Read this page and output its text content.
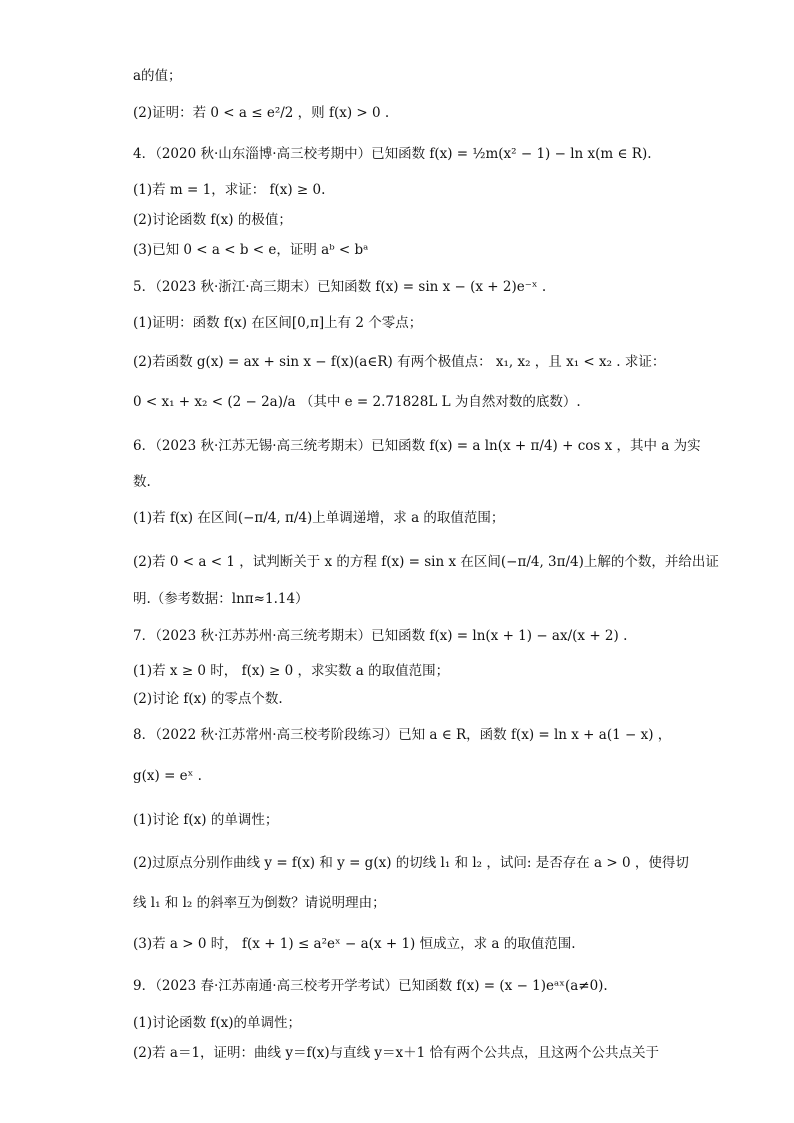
a的值；
(2)证明：若 0 < a ≤ e²/2 ，则 f(x) > 0 .
4．（2020 秋·山东淄博·高三校考期中）已知函数 f(x) = ½m(x² − 1) − ln x(m ∈ R).
(1)若 m = 1，求证： f(x) ≥ 0.
(2)讨论函数 f(x) 的极值；
(3)已知 0 < a < b < e，证明 aᵇ < bᵃ
5．（2023 秋·浙江·高三期末）已知函数 f(x) = sin x − (x + 2)e⁻ˣ .
(1)证明：函数 f(x) 在区间[0,π]上有 2 个零点；
(2)若函数 g(x) = ax + sin x − f(x)(a∈R) 有两个极值点： x₁, x₂ ，且 x₁ < x₂ . 求证：
0 < x₁ + x₂ < (2 − 2a)/a （其中 e = 2.71828L L 为自然对数的底数）.
6．（2023 秋·江苏无锡·高三统考期末）已知函数 f(x) = a ln(x + π/4) + cos x ，其中 a 为实
数.
(1)若 f(x) 在区间(−π/4, π/4)上单调递增，求 a 的取值范围；
(2)若 0 < a < 1 ，试判断关于 x 的方程 f(x) = sin x 在区间(−π/4, 3π/4)上解的个数，并给出证
明.（参考数据：lnπ≈1.14）
7．（2023 秋·江苏苏州·高三统考期末）已知函数 f(x) = ln(x + 1) − ax/(x + 2) .
(1)若 x ≥ 0 时， f(x) ≥ 0 ，求实数 a 的取值范围；
(2)讨论 f(x) 的零点个数.
8．（2022 秋·江苏常州·高三校考阶段练习）已知 a ∈ R，函数 f(x) = ln x + a(1 − x) ，
g(x) = eˣ .
(1)讨论 f(x) 的单调性；
(2)过原点分别作曲线 y = f(x) 和 y = g(x) 的切线 l₁ 和 l₂ ，试问: 是否存在 a > 0 ，使得切
线 l₁ 和 l₂ 的斜率互为倒数？请说明理由；
(3)若 a > 0 时， f(x + 1) ≤ a²eˣ − a(x + 1) 恒成立，求 a 的取值范围.
9．（2023 春·江苏南通·高三校考开学考试）已知函数 f(x) = (x − 1)eᵃˣ(a≠0).
(1)讨论函数 f(x)的单调性；
(2)若 a＝1，证明：曲线 y＝f(x)与直线 y＝x＋1 恰有两个公共点，且这两个公共点关于
